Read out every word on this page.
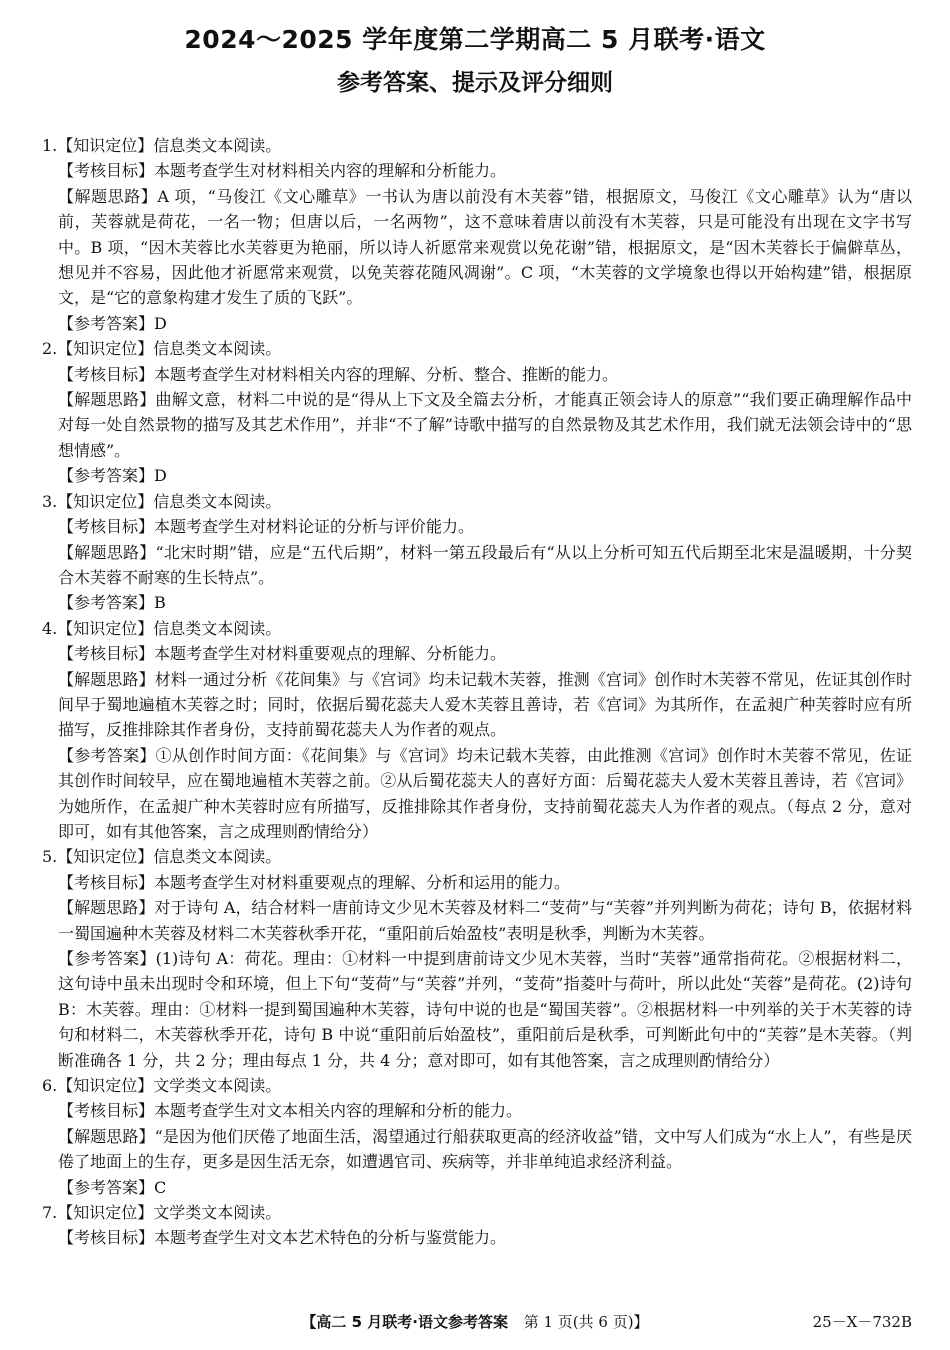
2024～2025 学年度第二学期高二 5 月联考·语文
参考答案、提示及评分细则

1.【知识定位】信息类文本阅读。

【考核目标】本题考查学生对材料相关内容的理解和分析能力。

【解题思路】A 项，“马俊江《文心雕草》一书认为唐以前没有木芙蓉”错，根据原文，马俊江《文心雕草》认为“唐以前，芙蓉就是荷花，一名一物；但唐以后，一名两物”，这不意味着唐以前没有木芙蓉，只是可能没有出现在文字书写中。B 项，“因木芙蓉比水芙蓉更为艳丽，所以诗人祈愿常来观赏以免花谢”错，根据原文，是“因木芙蓉长于偏僻草丛，想见并不容易，因此他才祈愿常来观赏，以免芙蓉花随风凋谢”。C 项，“木芙蓉的文学境象也得以开始构建”错，根据原文，是“它的意象构建才发生了质的飞跃”。

【参考答案】D

2.【知识定位】信息类文本阅读。

【考核目标】本题考查学生对材料相关内容的理解、分析、整合、推断的能力。

【解题思路】曲解文意，材料二中说的是“得从上下文及全篇去分析，才能真正领会诗人的原意”“我们要正确理解作品中对每一处自然景物的描写及其艺术作用”，并非“不了解”诗歌中描写的自然景物及其艺术作用，我们就无法领会诗中的“思想情感”。

【参考答案】D

3.【知识定位】信息类文本阅读。

【考核目标】本题考查学生对材料论证的分析与评价能力。

【解题思路】“北宋时期”错，应是“五代后期”，材料一第五段最后有“从以上分析可知五代后期至北宋是温暖期，十分契合木芙蓉不耐寒的生长特点”。

【参考答案】B

4.【知识定位】信息类文本阅读。

【考核目标】本题考查学生对材料重要观点的理解、分析能力。

【解题思路】材料一通过分析《花间集》与《宫词》均未记载木芙蓉，推测《宫词》创作时木芙蓉不常见，佐证其创作时间早于蜀地遍植木芙蓉之时；同时，依据后蜀花蕊夫人爱木芙蓉且善诗，若《宫词》为其所作，在孟昶广种芙蓉时应有所描写，反推排除其作者身份，支持前蜀花蕊夫人为作者的观点。

【参考答案】①从创作时间方面：《花间集》与《宫词》均未记载木芙蓉，由此推测《宫词》创作时木芙蓉不常见，佐证其创作时间较早，应在蜀地遍植木芙蓉之前。②从后蜀花蕊夫人的喜好方面：后蜀花蕊夫人爱木芙蓉且善诗，若《宫词》为她所作，在孟昶广种木芙蓉时应有所描写，反推排除其作者身份，支持前蜀花蕊夫人为作者的观点。（每点 2 分，意对即可，如有其他答案，言之成理则酌情给分）

5.【知识定位】信息类文本阅读。

【考核目标】本题考查学生对材料重要观点的理解、分析和运用的能力。

【解题思路】对于诗句 A，结合材料一唐前诗文少见木芙蓉及材料二“芰荷”与“芙蓉”并列判断为荷花；诗句 B，依据材料一蜀国遍种木芙蓉及材料二木芙蓉秋季开花，“重阳前后始盈枝”表明是秋季，判断为木芙蓉。

【参考答案】(1)诗句 A：荷花。理由：①材料一中提到唐前诗文少见木芙蓉，当时“芙蓉”通常指荷花。②根据材料二，这句诗中虽未出现时令和环境，但上下句“芰荷”与“芙蓉”并列，“芰荷”指菱叶与荷叶，所以此处“芙蓉”是荷花。(2)诗句 B：木芙蓉。理由：①材料一提到蜀国遍种木芙蓉，诗句中说的也是“蜀国芙蓉”。②根据材料一中列举的关于木芙蓉的诗句和材料二，木芙蓉秋季开花，诗句 B 中说“重阳前后始盈枝”，重阳前后是秋季，可判断此句中的“芙蓉”是木芙蓉。（判断准确各 1 分，共 2 分；理由每点 1 分，共 4 分；意对即可，如有其他答案，言之成理则酌情给分）

6.【知识定位】文学类文本阅读。

【考核目标】本题考查学生对文本相关内容的理解和分析的能力。

【解题思路】“是因为他们厌倦了地面生活，渴望通过行船获取更高的经济收益”错，文中写人们成为“水上人”，有些是厌倦了地面上的生存，更多是因生活无奈，如遭遇官司、疾病等，并非单纯追求经济利益。

【参考答案】C

7.【知识定位】文学类文本阅读。

【考核目标】本题考查学生对文本艺术特色的分析与鉴赏能力。

【高二 5 月联考·语文参考答案 第 1 页(共 6 页)】	25－X－732B
